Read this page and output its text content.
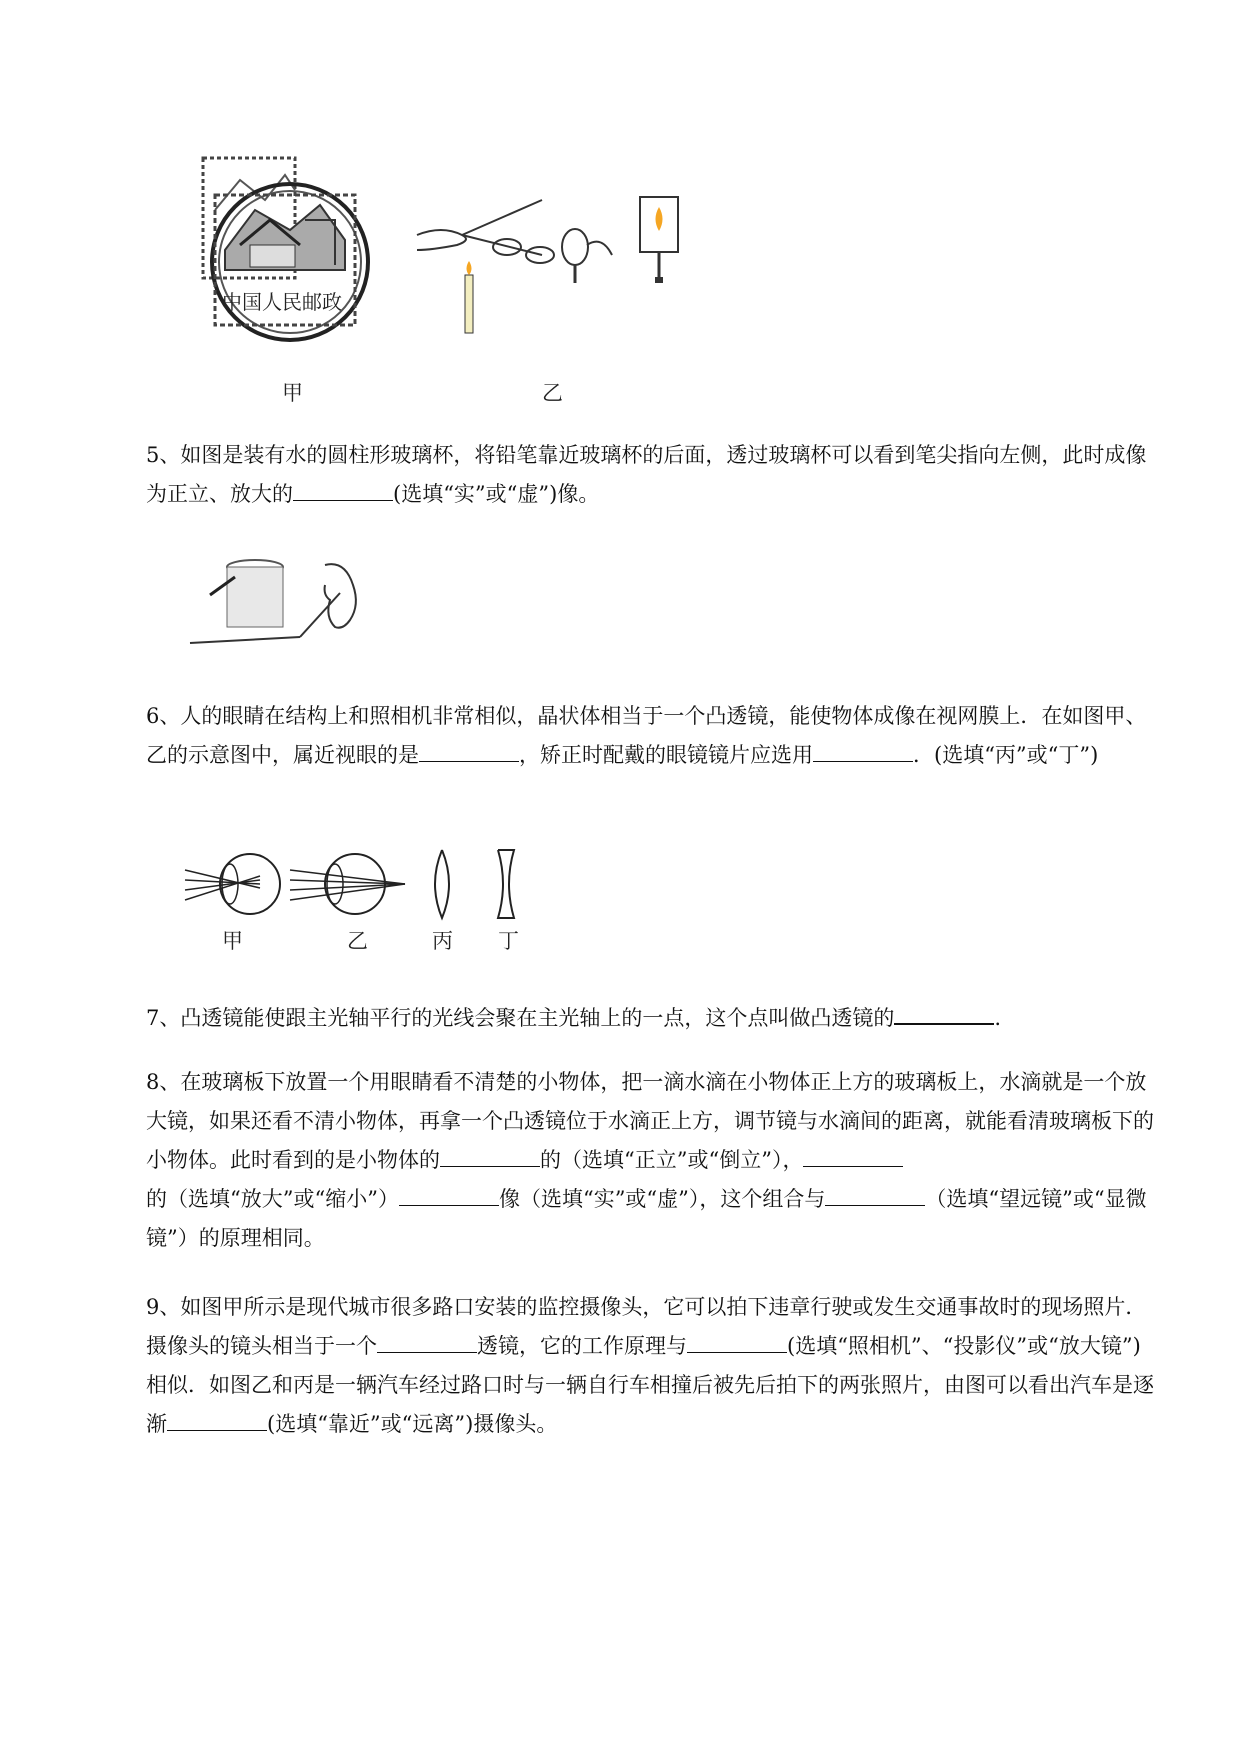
中国人民邮政
甲	乙

5、如图是装有水的圆柱形玻璃杯，将铅笔靠近玻璃杯的后面，透过玻璃杯可以看到笔尖指向左侧，此时成像为正立、放大的	(选填“实”或“虚”)像。

6、人的眼睛在结构上和照相机非常相似，晶状体相当于一个凸透镜，能使物体成像在视网膜上．在如图甲、乙的示意图中，属近视眼的是	，矫正时配戴的眼镜镜片应选用	．(选填“丙”或“丁”)

甲	乙	丙 丁

7、凸透镜能使跟主光轴平行的光线会聚在主光轴上的一点，这个点叫做凸透镜的	.

8、在玻璃板下放置一个用眼睛看不清楚的小物体，把一滴水滴在小物体正上方的玻璃板上，水滴就是一个放大镜，如果还看不清小物体，再拿一个凸透镜位于水滴正上方，调节镜与水滴间的距离，就能看清玻璃板下的小物体。此时看到的是小物体的	的（选填“正立”或“倒立”），的（选填“放大”或“缩小”）	像（选填“实”或“虚”），这个组合与	（选填“望远镜”或“显微镜”）的原理相同。

9、如图甲所示是现代城市很多路口安装的监控摄像头，它可以拍下违章行驶或发生交通事故时的现场照片．摄像头的镜头相当于一个	透镜，它的工作原理与	(选填“照相机”、“投影仪”或“放大镜”)相似．如图乙和丙是一辆汽车经过路口时与一辆自行车相撞后被先后拍下的两张照片，由图可以看出汽车是逐渐	(选填“靠近”或“远离”)摄像头。
